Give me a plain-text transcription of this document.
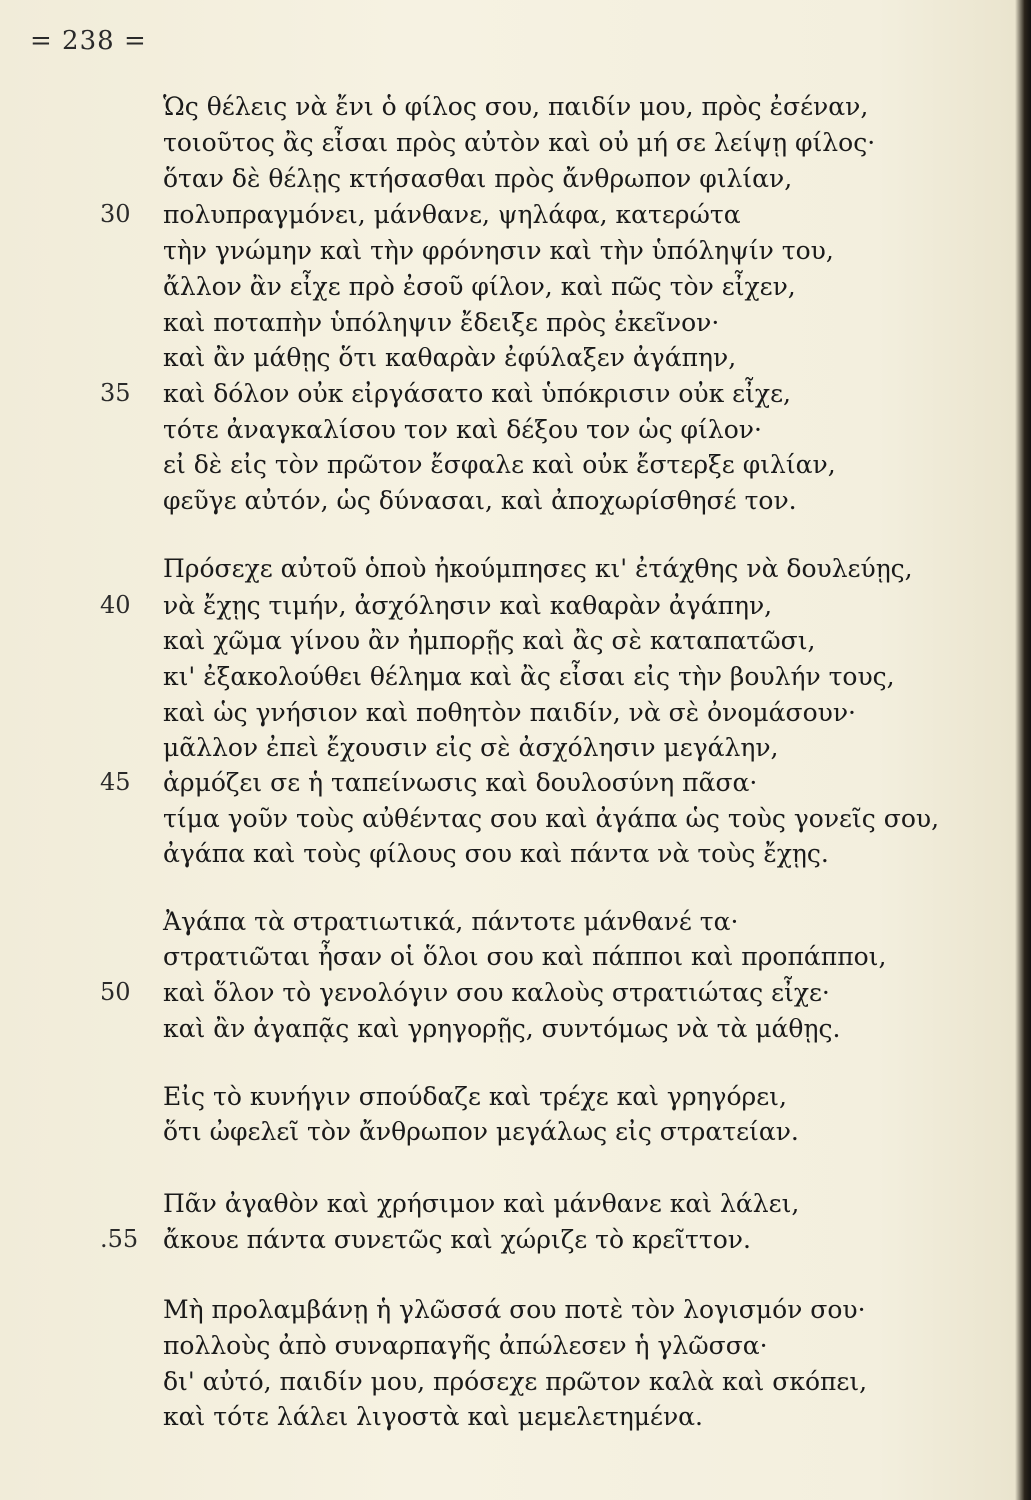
= 238 =
30
35
40
45
50
.55
Ὡς θέλεις νὰ ἔνι ὁ φίλος σου, παιδίν μου, πρὸς ἐσέναν,
τοιοῦτος ἂς εἶσαι πρὸς αὐτὸν καὶ οὐ μή σε λείψῃ φίλος·
ὅταν δὲ θέλῃς κτήσασθαι πρὸς ἄνθρωπον φιλίαν,
πολυπραγμόνει, μάνθανε, ψηλάφα, κατερώτα
τὴν γνώμην καὶ τὴν φρόνησιν καὶ τὴν ὑπόληψίν του,
ἄλλον ἂν εἶχε πρὸ ἐσοῦ φίλον, καὶ πῶς τὸν εἶχεν,
καὶ ποταπὴν ὑπόληψιν ἔδειξε πρὸς ἐκεῖνον·
καὶ ἂν μάθῃς ὅτι καθαρὰν ἐφύλαξεν ἀγάπην,
καὶ δόλον οὐκ εἰργάσατο καὶ ὑπόκρισιν οὐκ εἶχε,
τότε ἀναγκαλίσου τον καὶ δέξου τον ὡς φίλον·
εἰ δὲ εἰς τὸν πρῶτον ἔσφαλε καὶ οὐκ ἔστερξε φιλίαν,
φεῦγε αὐτόν, ὡς δύνασαι, καὶ ἀποχωρίσθησέ τον.
Πρόσεχε αὐτοῦ ὁποὺ ἠκούμπησες κι' ἐτάχθης νὰ δουλεύῃς,
νὰ ἔχῃς τιμήν, ἀσχόλησιν καὶ καθαρὰν ἀγάπην,
καὶ χῶμα γίνου ἂν ἠμπορῇς καὶ ἂς σὲ καταπατῶσι,
κι' ἐξακολούθει θέλημα καὶ ἂς εἶσαι εἰς τὴν βουλήν τους,
καὶ ὡς γνήσιον καὶ ποθητὸν παιδίν, νὰ σὲ ὀνομάσουν·
μᾶλλον ἐπεὶ ἔχουσιν εἰς σὲ ἀσχόλησιν μεγάλην,
ἁρμόζει σε ἡ ταπείνωσις καὶ δουλοσύνη πᾶσα·
τίμα γοῦν τοὺς αὐθέντας σου καὶ ἀγάπα ὡς τοὺς γονεῖς σου,
ἀγάπα καὶ τοὺς φίλους σου καὶ πάντα νὰ τοὺς ἔχῃς.
Ἀγάπα τὰ στρατιωτικά, πάντοτε μάνθανέ τα·
στρατιῶται ἦσαν οἱ ὅλοι σου καὶ πάπποι καὶ προπάπποι,
καὶ ὅλον τὸ γενολόγιν σου καλοὺς στρατιώτας εἶχε·
καὶ ἂν ἀγαπᾷς καὶ γρηγορῇς, συντόμως νὰ τὰ μάθῃς.
Εἰς τὸ κυνήγιν σπούδαζε καὶ τρέχε καὶ γρηγόρει,
ὅτι ὠφελεῖ τὸν ἄνθρωπον μεγάλως εἰς στρατείαν.
Πᾶν ἀγαθὸν καὶ χρήσιμον καὶ μάνθανε καὶ λάλει,
ἄκουε πάντα συνετῶς καὶ χώριζε τὸ κρεῖττον.
Μὴ προλαμβάνῃ ἡ γλῶσσά σου ποτὲ τὸν λογισμόν σου·
πολλοὺς ἀπὸ συναρπαγῆς ἀπώλεσεν ἡ γλῶσσα·
δι' αὐτό, παιδίν μου, πρόσεχε πρῶτον καλὰ καὶ σκόπει,
καὶ τότε λάλει λιγοστὰ καὶ μεμελετημένα.
